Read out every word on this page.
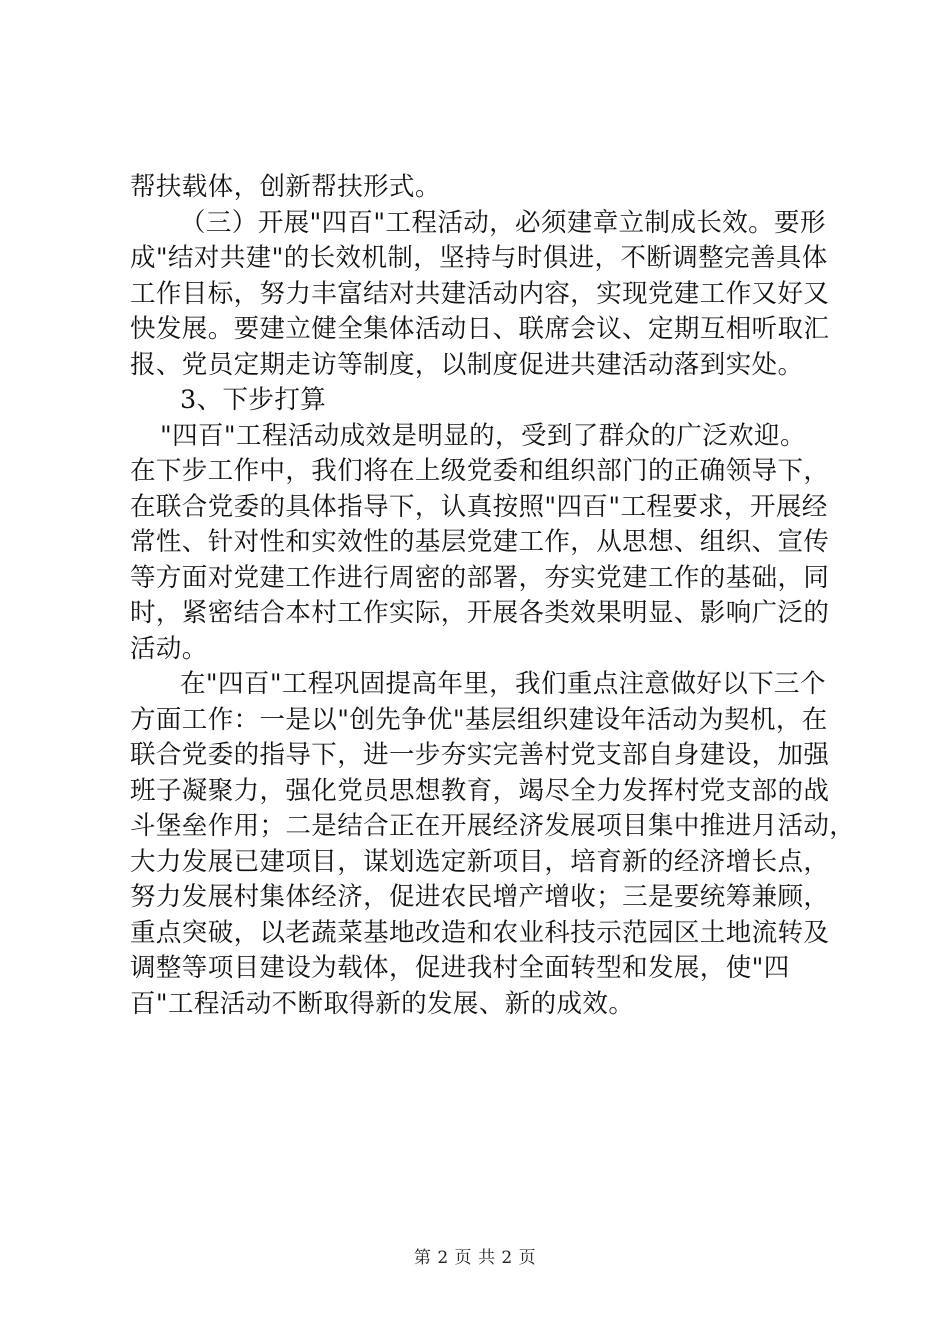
帮扶载体，创新帮扶形式。
（三）开展"四百"工程活动，必须建章立制成长效。要形
成"结对共建"的长效机制，坚持与时俱进，不断调整完善具体
工作目标，努力丰富结对共建活动内容，实现党建工作又好又
快发展。要建立健全集体活动日、联席会议、定期互相听取汇
报、党员定期走访等制度，以制度促进共建活动落到实处。
3、下步打算
"四百"工程活动成效是明显的，受到了群众的广泛欢迎。
在下步工作中，我们将在上级党委和组织部门的正确领导下，
在联合党委的具体指导下，认真按照"四百"工程要求，开展经
常性、针对性和实效性的基层党建工作，从思想、组织、宣传
等方面对党建工作进行周密的部署，夯实党建工作的基础，同
时，紧密结合本村工作实际，开展各类效果明显、影响广泛的
活动。
在"四百"工程巩固提高年里，我们重点注意做好以下三个
方面工作：一是以"创先争优"基层组织建设年活动为契机，在
联合党委的指导下，进一步夯实完善村党支部自身建设，加强
班子凝聚力，强化党员思想教育，竭尽全力发挥村党支部的战
斗堡垒作用；二是结合正在开展经济发展项目集中推进月活动，
大力发展已建项目，谋划选定新项目，培育新的经济增长点，
努力发展村集体经济，促进农民增产增收；三是要统筹兼顾，
重点突破，以老蔬菜基地改造和农业科技示范园区土地流转及
调整等项目建设为载体，促进我村全面转型和发展，使"四
百"工程活动不断取得新的发展、新的成效。
第 2 页 共 2 页
